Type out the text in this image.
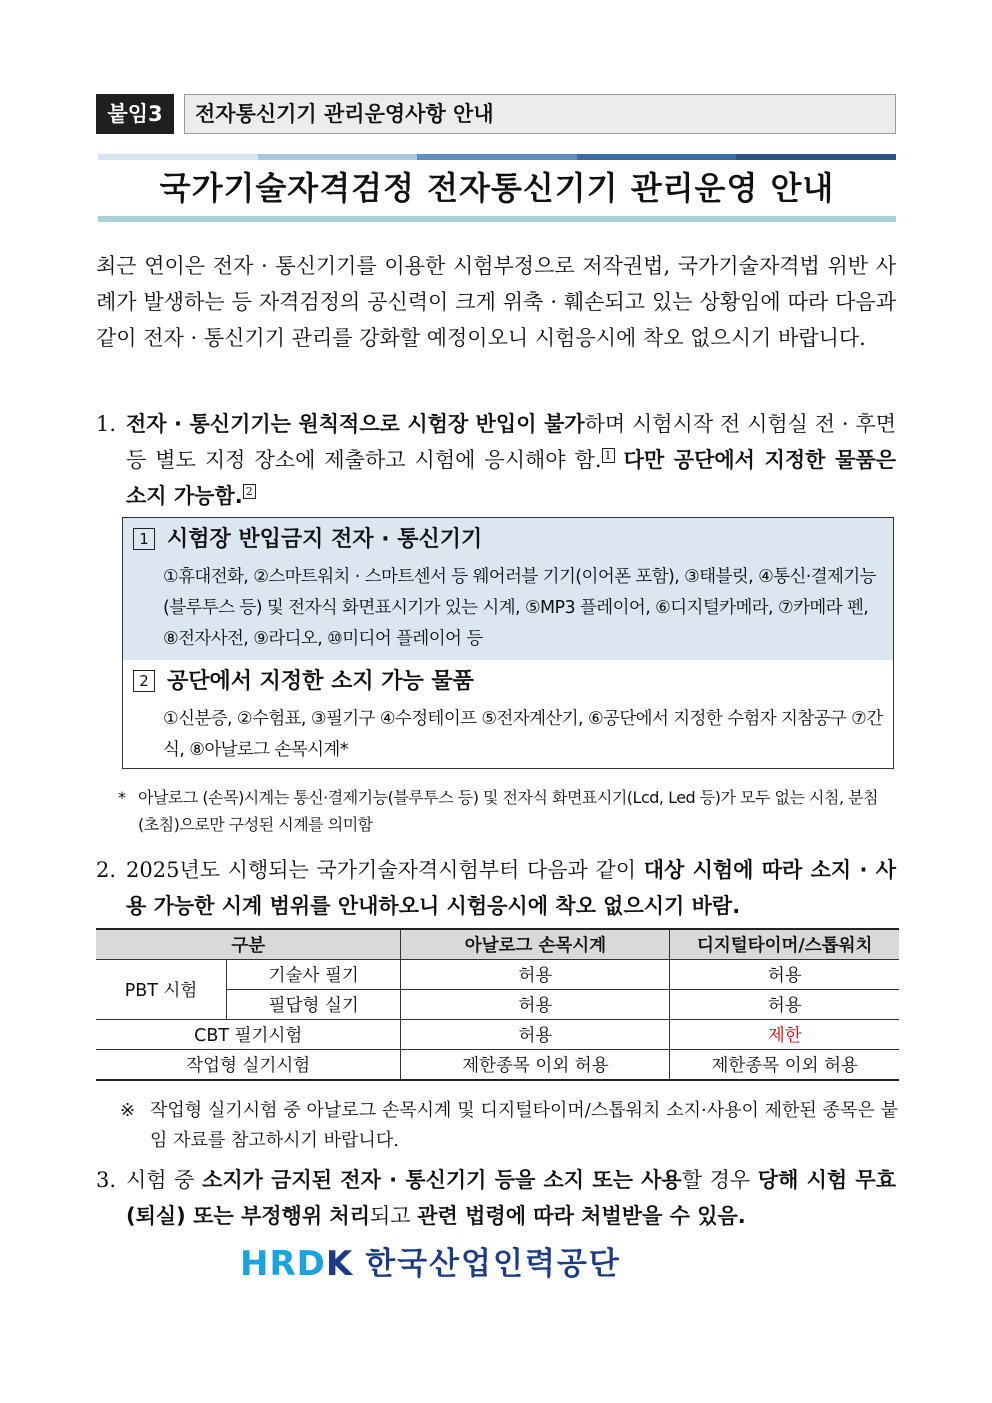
붙임3	전자통신기기 관리운영사항 안내
국가기술자격검정 전자통신기기 관리운영 안내
최근 연이은 전자 · 통신기기를 이용한 시험부정으로 저작권법, 국가기술자격법 위반 사례가 발생하는 등 자격검정의 공신력이 크게 위축 · 훼손되고 있는 상황임에 따라 다음과 같이 전자 · 통신기기 관리를 강화할 예정이오니 시험응시에 착오 없으시기 바랍니다.
1. 전자 · 통신기기는 원칙적으로 시험장 반입이 불가하며 시험시작 전 시험실 전 · 후면 등 별도 지정 장소에 제출하고 시험에 응시해야 함. $^1$ 다만 공단에서 지정한 물품은 소지 가능함. $^2$
1 시험장 반입금지 전자 · 통신기기
①휴대전화, ②스마트워치 · 스마트센서 등 웨어러블 기기(이어폰 포함), ③태블릿, ④통신·결제기능(블루투스 등) 및 전자식 화면표시기가 있는 시계, ⑤MP3 플레이어, ⑥디지털카메라, ⑦카메라 펜, ⑧전자사전, ⑨라디오, ⑩미디어 플레이어 등
2 공단에서 지정한 소지 가능 물품
①신분증, ②수험표, ③필기구 ④수정테이프 ⑤전자계산기, ⑥공단에서 지정한 수험자 지참공구 ⑦간식, ⑧아날로그 손목시계*
* 아날로그 (손목)시계는 통신·결제기능(블루투스 등) 및 전자식 화면표시기(Lcd, Led 등)가 모두 없는 시침, 분침(초침)으로만 구성된 시계를 의미함
2. 2025년도 시행되는 국가기술자격시험부터 다음과 같이 대상 시험에 따라 소지 · 사용 가능한 시계 범위를 안내하오니 시험응시에 착오 없으시기 바람.
구분		아날로그 손목시계	디지털타이머/스톱워치
PBT 시험	기술사 필기	허용	허용
	필답형 실기	허용	허용
CBT 필기시험		허용	제한
작업형 실기시험		제한종목 이외 허용	제한종목 이외 허용
※ 작업형 실기시험 중 아날로그 손목시계 및 디지털타이머/스톱워치 소지·사용이 제한된 종목은 붙임 자료를 참고하시기 바랍니다.
3. 시험 중 소지가 금지된 전자 · 통신기기 등을 소지 또는 사용할 경우 당해 시험 무효(퇴실) 또는 부정행위 처리되고 관련 법령에 따라 처벌받을 수 있음.
HRDK 한국산업인력공단
